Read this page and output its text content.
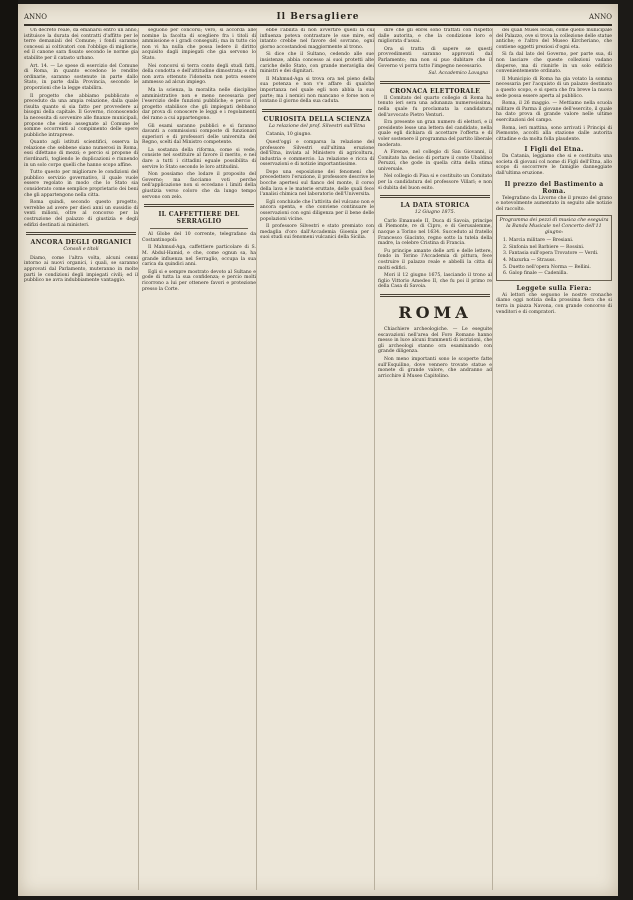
ANNO	Il Bersagliere	ANNO

Un decreto reale, da emanarsi entro un anno, istituisce la durata dei contratti d'affitto per le terre demaniali del Comune; i fondi saranno concessi ai coltivatori con l'obbligo di migliorie, ed il canone sara fissato secondo le norme gia stabilite per il catasto urbano.

Art. 14. — Le spese di esercizio del Comune di Roma, in quanto eccedono le rendite ordinarie, saranno sostenute in parte dallo Stato, in parte dalla Provincia, secondo le proporzioni che la legge stabilira.

Il progetto che abbiamo pubblicato e preceduto da una ampia relazione, dalla quale risulta quanto si sia fatto per provvedere ai bisogni della capitale. Il Governo, riconoscendo la necessita di sovvenire alle finanze municipali, propone che sieno assegnate al Comune le somme occorrenti al compimento delle opere pubbliche intraprese.

Quanto agli istituti scientifici, osserva la relazione che sebbene siano numerosi in Roma, essi difettano di mezzi; e percio si propone di riordinarli, togliendo le duplicazioni e riunendo in un solo corpo quelli che hanno scopo affine.

Tutto questo per migliorare le condizioni del pubblico servizio governativo, il quale vuole essere regolato in modo che lo Stato sia considerato come semplice proprietario dei beni che gli appartengono nella citta.

Roma quindi, secondo questo progetto, verrebbe ad avere per dieci anni un sussidio di venti milioni, oltre al concorso per la costruzione del palazzo di giustizia e degli edifizi destinati ai ministeri.

ANCORA DEGLI ORGANICI
Consoli e titoli

Diamo, come l'altra volta, alcuni cenni intorno ai nuovi organici, i quali, se saranno approvati dal Parlamento, muteranno in molte parti le condizioni degli impiegati civili; ed il pubblico ne avra indubbiamente vantaggio.

seguono per concorsi; vero, si accorda alle nomine la facolta di scegliere fra i titoli di ammissione e i gradi conseguiti; ma in tutto cio non vi ha nulla che possa ledere il diritto acquisito dagli impiegati che gia servono lo Stato.

Nei concorsi si terra conto degli studi fatti, della condotta e dell'attitudine dimostrata; e chi non avra ottenuto l'idoneita non potra essere ammesso ad alcun impiego.

Ma la scienza, la moralita nelle discipline amministrative non e meno necessaria per l'esercizio delle funzioni pubbliche; e percio il progetto stabilisce che gli impiegati debbano dar prova di conoscere le leggi e i regolamenti del ramo a cui appartengono.

Gli esami saranno pubblici e si faranno davanti a commissioni composte di funzionari superiori e di professori delle universita del Regno, scelti dal Ministro competente.

La sostanza della riforma, come si vede, consiste nel sostituire al favore il merito, e nel dare a tutti i cittadini eguale possibilita di servire lo Stato secondo le loro attitudini.

Non possiamo che lodare il proposito del Governo; ma facciamo voti perche nell'applicazione non si eccedano i limiti della giustizia verso coloro che da lungo tempo servono con zelo.

IL CAFFETTIERE DEL SERRAGLIO

Al Globe del 10 corrente, telegrafano da Costantinopoli:

Il Mahmud-Aga, caffettiere particolare di S. M. Abdul-Hamid, e che, come ognun sa, ha grande influenza nel Serraglio, occupa la sua carica da quindici anni.

Egli si e sempre mostrato devoto al Sultano e gode di tutta la sua confidenza; e percio molti ricorrono a lui per ottenere favori e protezione presso la Corte.

ebbe l'abilita di non avvertire quelli la cui influenza poteva contrastare le sue mire, ed intanto crebbe nel favore del sovrano, ogni giorno accostandosi maggiormente al trono.

Si dice che il Sultano, cedendo alle sue insistenze, abbia concesso ai suoi protetti alte cariche dello Stato, con grande meraviglia dei ministri e dei dignitari.

Il Mahmud-Aga si trova ora nel pieno della sua potenza e non v'e affare di qualche importanza nel quale egli non abbia la sua parte; ma i nemici non mancano e forse non e lontano il giorno della sua caduta.

CURIOSITA DELLA SCIENZA
La relazione del prof. Silvestri sull'Etna

Catania, 10 giugno.

Quest'oggi e comparsa la relazione del professore Silvestri sull'ultima eruzione dell'Etna, inviata al Ministero di agricoltura, industria e commercio. La relazione e ricca di osservazioni e di notizie importantissime.

Dopo una esposizione dei fenomeni che precedettero l'eruzione, il professore descrive le bocche apertesi sul fianco del monte, il corso della lava e le materie eruttate, delle quali fece l'analisi chimica nel laboratorio dell'Universita.

Egli conchiude che l'attivita del vulcano non e ancora spenta, e che conviene continuare le osservazioni con ogni diligenza per il bene delle popolazioni vicine.

Il professore Silvestri e stato premiato con medaglia d'oro dall'Accademia Gioenia per i suoi studi sui fenomeni vulcanici della Sicilia.

dire che gli ebrei sono trattati con rispetto dalle autorita, e che la condizione loro e migliorata d'assai.

Ora si tratta di sapere se questi provvedimenti saranno approvati dal Parlamento; ma non si puo dubitare che il Governo vi porra tutto l'impegno necessario.

Sal. Accademico Lavagna
CRONACA ELETTORALE

Il Comitato del quarto collegio di Roma ha tenuto ieri sera una adunanza numerosissima, nella quale fu proclamata la candidatura dell'avvocato Pietro Venturi.

Era presente un gran numero di elettori, e il presidente lesse una lettera del candidato, nella quale egli dichiara di accettare l'offerta e di voler sostenere il programma del partito liberale moderato.

A Firenze, nel collegio di San Giovanni, il Comitato ha deciso di portare il conte Ubaldino Peruzzi, che gode in quella citta della stima universale.

Nel collegio di Pisa si e costituito un Comitato per la candidatura del professore Villari; e non si dubita del buon esito.

LA DATA STORICA
12 Giugno 1875.

Carlo Emanuele II, Duca di Savoia, principe di Piemonte, re di Cipro, e di Gerusalemme, nacque a Torino nel 1634. Succeduto al fratello Francesco Giacinto, regno sotto la tutela della madre, la celebre Cristina di Francia.

Fu principe amante delle arti e delle lettere, fondo in Torino l'Accademia di pittura, fece costruire il palazzo reale e abbelli la citta di molti edifici.

Mori il 12 giugno 1675, lasciando il trono al figlio Vittorio Amedeo II, che fu poi il primo re della Casa di Savoia.

ROMA

Chiachiere archeologiche. — Le eseguite escavazioni nell'area del Foro Romano hanno messo in luce alcuni frammenti di iscrizioni, che gli archeologi stanno ora esaminando con grande diligenza.

Non meno importanti sono le scoperte fatte sull'Esquilino, dove vennero trovate statue e monete di grande valore, che andranno ad arricchire il Museo Capitolino.

dei quali Musei locali, come quello municipale del Palazzo, ove si trova la collezione delle statue antiche; e l'altro del Museo Kircheriano, che contiene oggetti preziosi d'ogni eta.

Si fa dal lato del Governo, per parte sua, di non lasciare che queste collezioni vadano disperse, ma di riunirle in un solo edificio convenientemente ordinato.

Il Municipio di Roma ha gia votato la somma necessaria per l'acquisto di un palazzo destinato a questo scopo, e si spera che fra breve la nuova sede possa essere aperta al pubblico.

Roma, il 26 maggio. — Mettiamo nella scuola militare di Parma il giovane dell'esercito, il quale ha dato prova di grande valore nelle ultime esercitazioni del campo.

Roma, ieri mattina, sono arrivati i Principi di Piemonte, accolti alla stazione dalle autorita cittadine e da molta folla plaudente.

I Figli del Etna.

Da Catania, leggiamo che si e costituita una societa di giovani col nome di Figli dell'Etna, allo scopo di soccorrere le famiglie danneggiate dall'ultima eruzione.

Il prezzo del Bastimento a Roma.

Telegrafano da Livorno che il prezzo del grano e notevolmente aumentato in seguito alle notizie del raccolto.

Programma dei pezzi di musica che eseguira la Banda Musicale nel Concerto dell'11 giugno:
1. Marcia militare — Bresiani.
2. Sinfonia nel Barbiere — Rossini.
3. Fantasia sull'opera Trovatore — Verdi.
4. Mazurka — Strauss.
5. Duetto nell'opera Norma — Bellini.
6. Galop finale — Cadenilla.
Leggete sulla Fiera:

Ai lettori che seguono le nostre cronache diamo oggi notizia della prossima fiera che si terra in piazza Navona, con grande concorso di venditori e di compratori.
